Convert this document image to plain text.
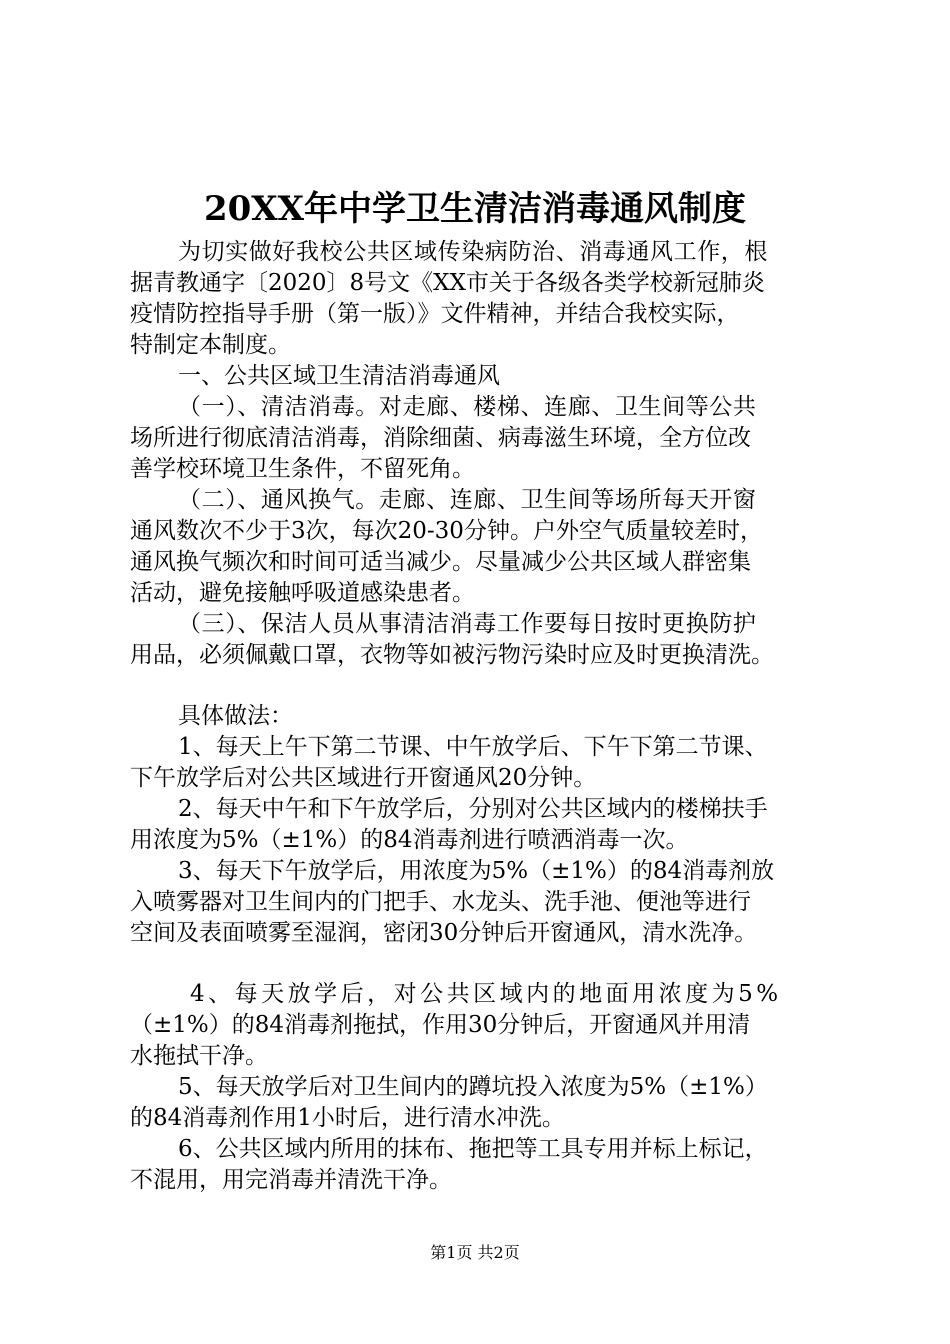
20XX年中学卫生清洁消毒通风制度
为切实做好我校公共区域传染病防治、消毒通风工作，根
据青教通字〔2020〕8号文《XX市关于各级各类学校新冠肺炎
疫情防控指导手册（第一版）》文件精神，并结合我校实际，
特制定本制度。
一、公共区域卫生清洁消毒通风
（一）、清洁消毒。对走廊、楼梯、连廊、卫生间等公共
场所进行彻底清洁消毒，消除细菌、病毒滋生环境，全方位改
善学校环境卫生条件，不留死角。
（二）、通风换气。走廊、连廊、卫生间等场所每天开窗
通风数次不少于3次，每次20-30分钟。户外空气质量较差时，
通风换气频次和时间可适当减少。尽量减少公共区域人群密集
活动，避免接触呼吸道感染患者。
（三）、保洁人员从事清洁消毒工作要每日按时更换防护
用品，必须佩戴口罩，衣物等如被污物污染时应及时更换清洗。
具体做法：
1、每天上午下第二节课、中午放学后、下午下第二节课、
下午放学后对公共区域进行开窗通风20分钟。
2、每天中午和下午放学后，分别对公共区域内的楼梯扶手
用浓度为5%（±1%）的84消毒剂进行喷洒消毒一次。
3、每天下午放学后，用浓度为5%（±1%）的84消毒剂放
入喷雾器对卫生间内的门把手、水龙头、洗手池、便池等进行
空间及表面喷雾至湿润，密闭30分钟后开窗通风，清水洗净。
4、每天放学后，对公共区域内的地面用浓度为5%
（±1%）的84消毒剂拖拭，作用30分钟后，开窗通风并用清
水拖拭干净。
5、每天放学后对卫生间内的蹲坑投入浓度为5%（±1%）
的84消毒剂作用1小时后，进行清水冲洗。
6、公共区域内所用的抹布、拖把等工具专用并标上标记，
不混用，用完消毒并清洗干净。
第1页 共2页
